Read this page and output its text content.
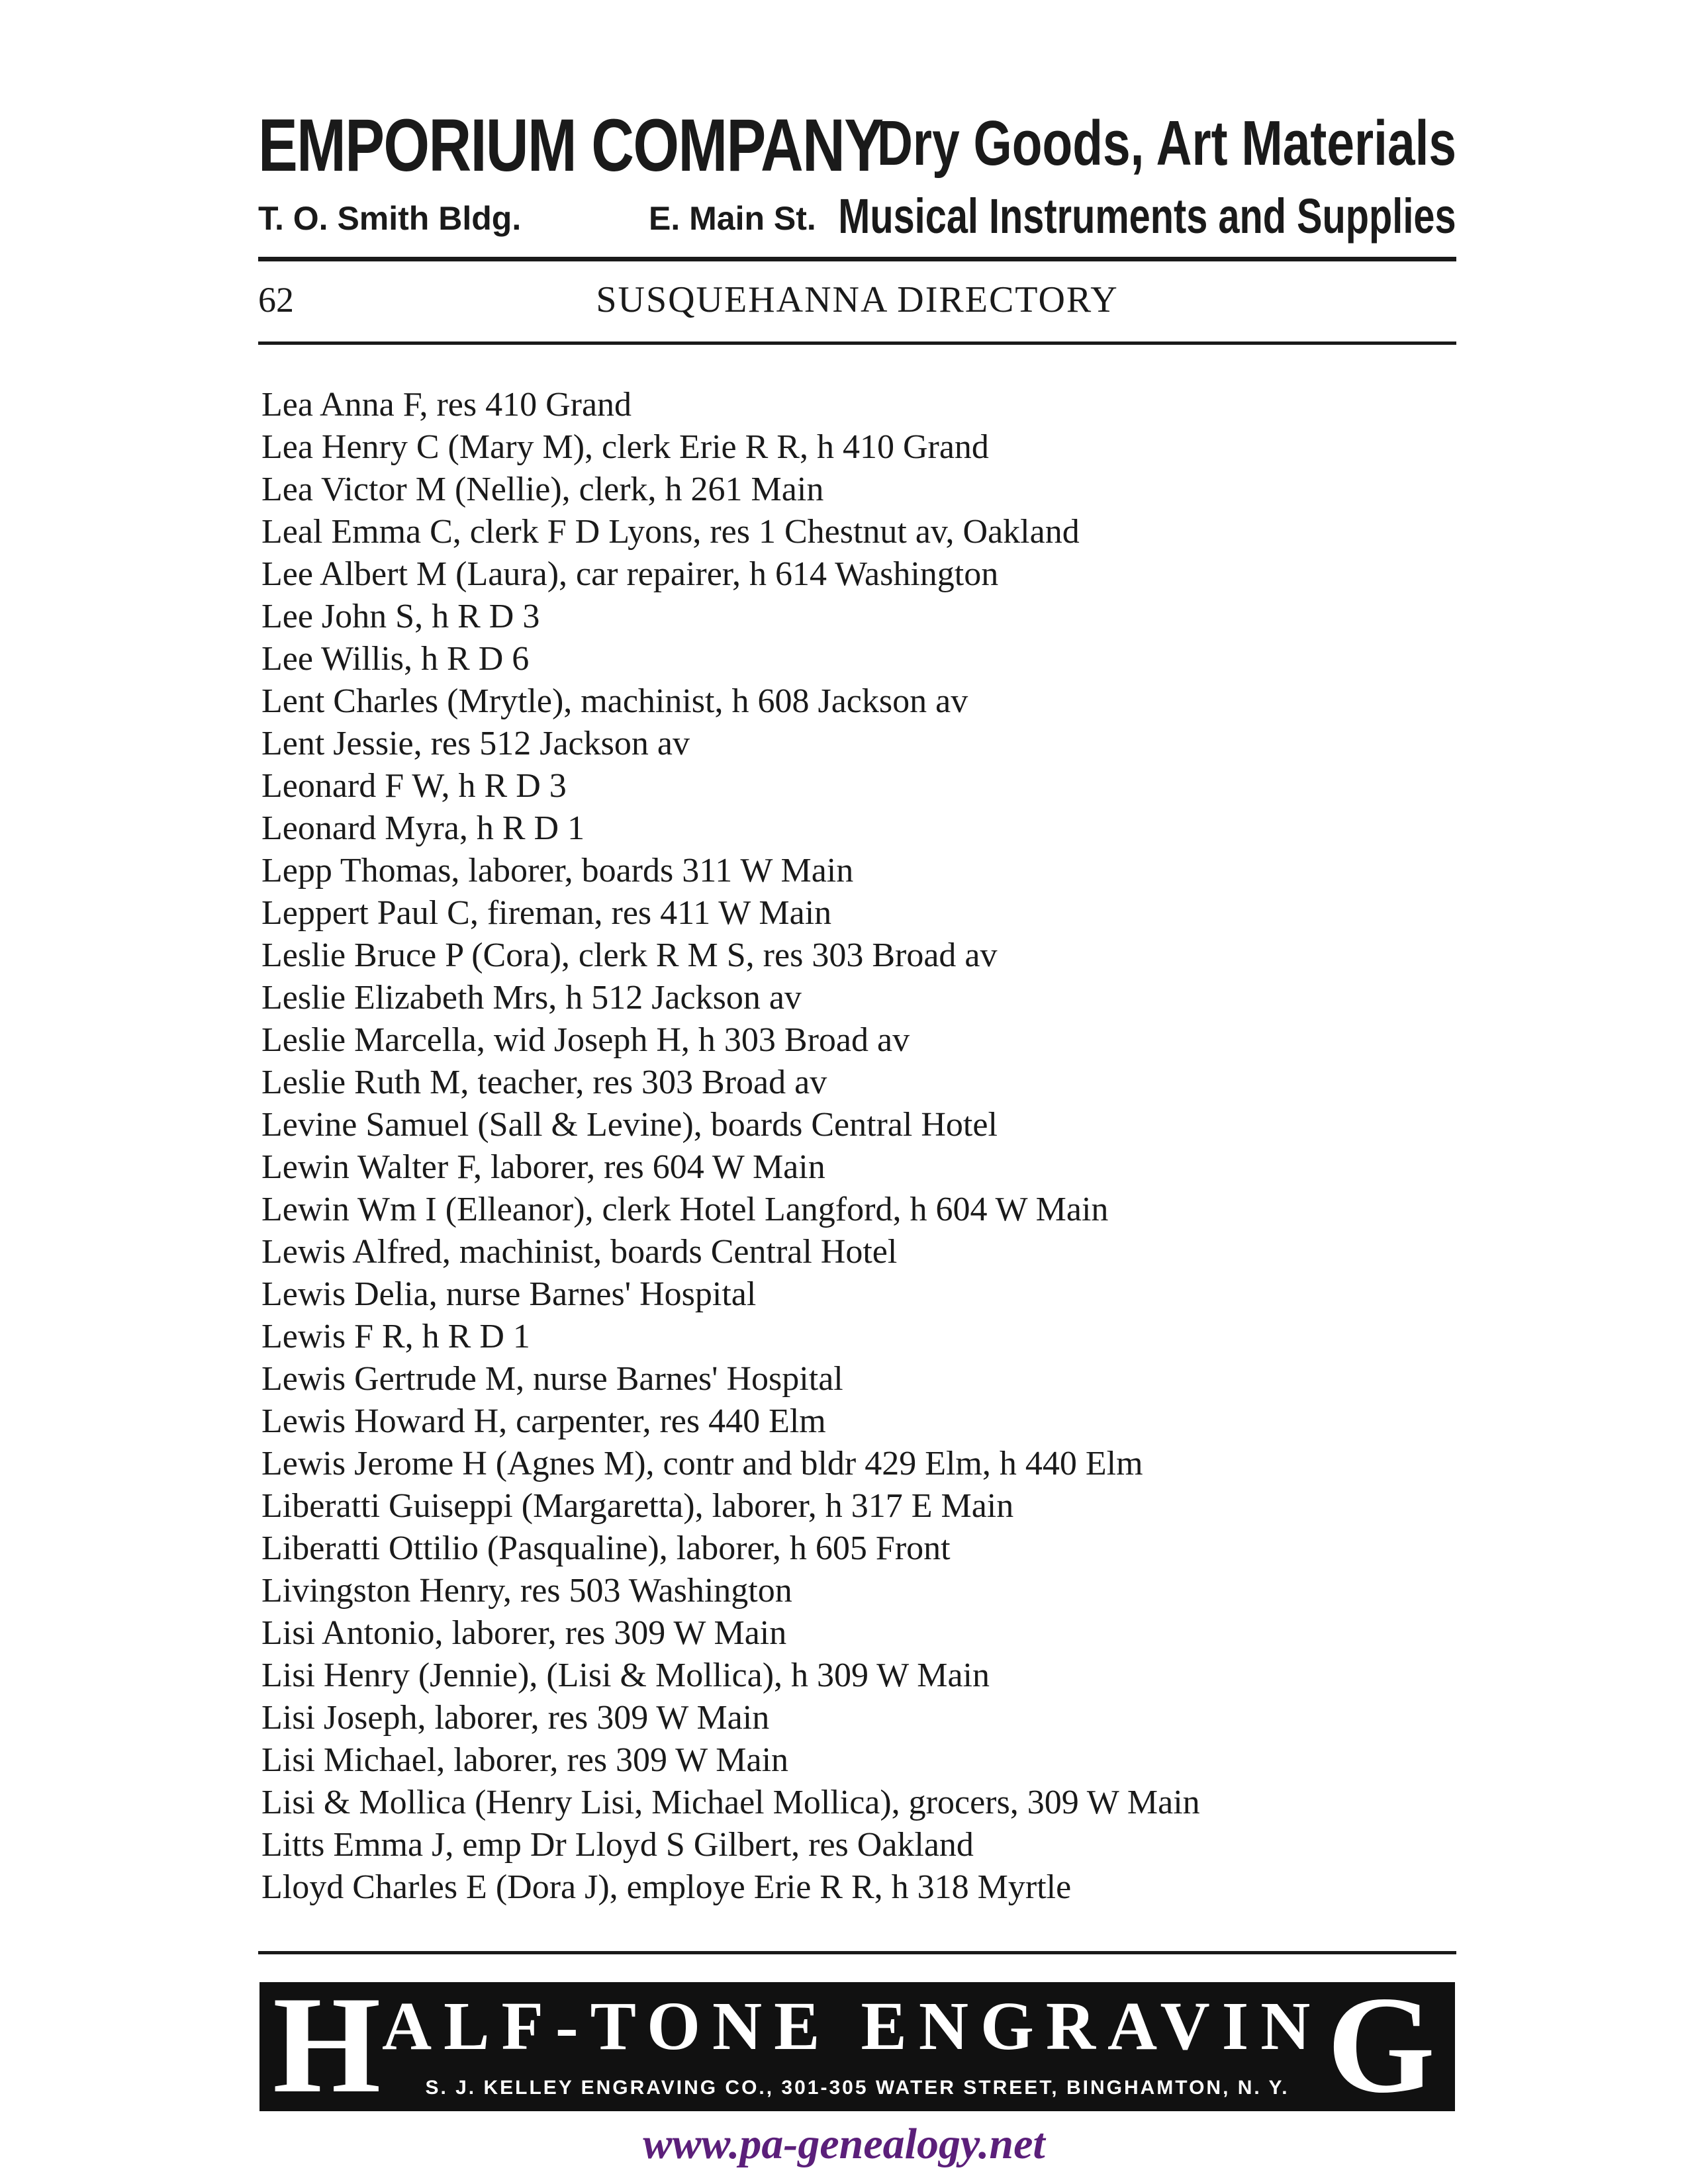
EMPORIUM COMPANY
T. O. Smith Bldg.	E. Main St.
Dry Goods, Art Materials
Musical Instruments and Supplies
62	SUSQUEHANNA DIRECTORY
Lea Anna F, res 410 Grand
Lea Henry C (Mary M), clerk Erie R R, h 410 Grand
Lea Victor M (Nellie), clerk, h 261 Main
Leal Emma C, clerk F D Lyons, res 1 Chestnut av, Oakland
Lee Albert M (Laura), car repairer, h 614 Washington
Lee John S, h R D 3
Lee Willis, h R D 6
Lent Charles (Mrytle), machinist, h 608 Jackson av
Lent Jessie, res 512 Jackson av
Leonard F W, h R D 3
Leonard Myra, h R D 1
Lepp Thomas, laborer, boards 311 W Main
Leppert Paul C, fireman, res 411 W Main
Leslie Bruce P (Cora), clerk R M S, res 303 Broad av
Leslie Elizabeth Mrs, h 512 Jackson av
Leslie Marcella, wid Joseph H, h 303 Broad av
Leslie Ruth M, teacher, res 303 Broad av
Levine Samuel (Sall & Levine), boards Central Hotel
Lewin Walter F, laborer, res 604 W Main
Lewin Wm I (Elleanor), clerk Hotel Langford, h 604 W Main
Lewis Alfred, machinist, boards Central Hotel
Lewis Delia, nurse Barnes' Hospital
Lewis F R, h R D 1
Lewis Gertrude M, nurse Barnes' Hospital
Lewis Howard H, carpenter, res 440 Elm
Lewis Jerome H (Agnes M), contr and bldr 429 Elm, h 440 Elm
Liberatti Guiseppi (Margaretta), laborer, h 317 E Main
Liberatti Ottilio (Pasqualine), laborer, h 605 Front
Livingston Henry, res 503 Washington
Lisi Antonio, laborer, res 309 W Main
Lisi Henry (Jennie), (Lisi & Mollica), h 309 W Main
Lisi Joseph, laborer, res 309 W Main
Lisi Michael, laborer, res 309 W Main
Lisi & Mollica (Henry Lisi, Michael Mollica), grocers, 309 W Main
Litts Emma J, emp Dr Lloyd S Gilbert, res Oakland
Lloyd Charles E (Dora J), employe Erie R R, h 318 Myrtle
H ALF-TONE ENGRAVIN G
S. J. KELLEY ENGRAVING CO., 301-305 WATER STREET, BINGHAMTON, N. Y.
www.pa-genealogy.net
